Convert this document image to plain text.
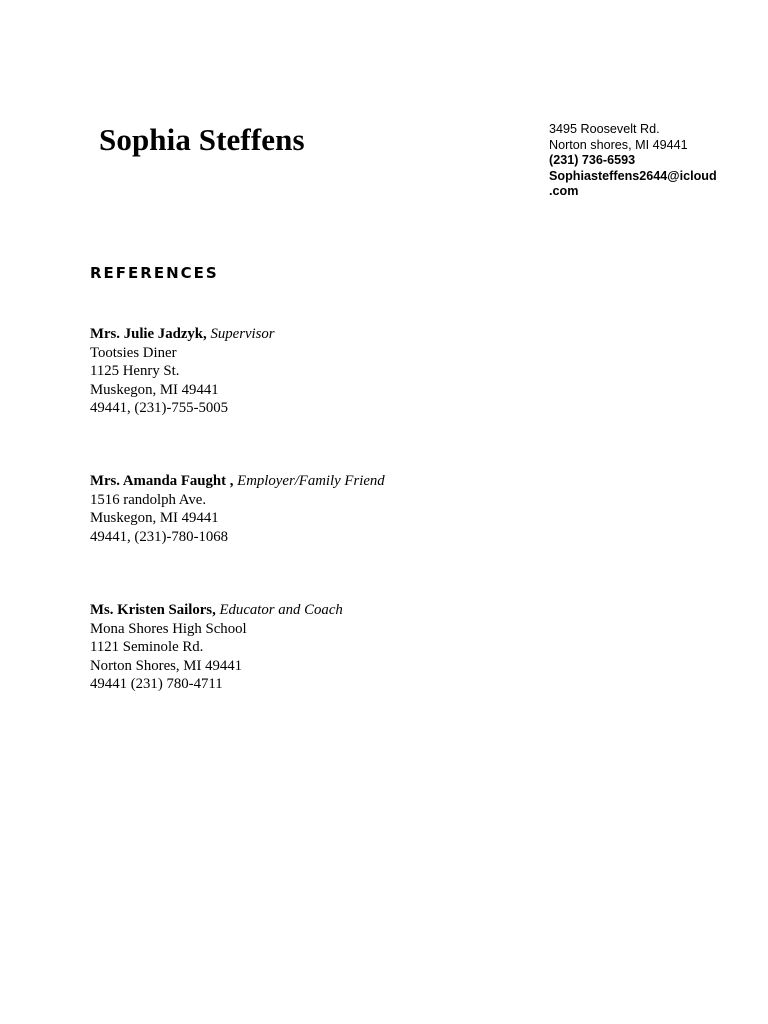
Sophia Steffens	3495 Roosevelt Rd.
Norton shores, MI 49441
(231) 736-6593
Sophiasteffens2644@icloud
.com
REFERENCES
Mrs. Julie Jadzyk, Supervisor
Tootsies Diner
1125 Henry St.
Muskegon, MI 49441
49441, (231)-755-5005
Mrs. Amanda Faught , Employer/Family Friend
1516 randolph Ave.
Muskegon, MI 49441
49441, (231)-780-1068
Ms. Kristen Sailors, Educator and Coach
Mona Shores High School
1121 Seminole Rd.
Norton Shores, MI 49441
49441 (231) 780-4711
